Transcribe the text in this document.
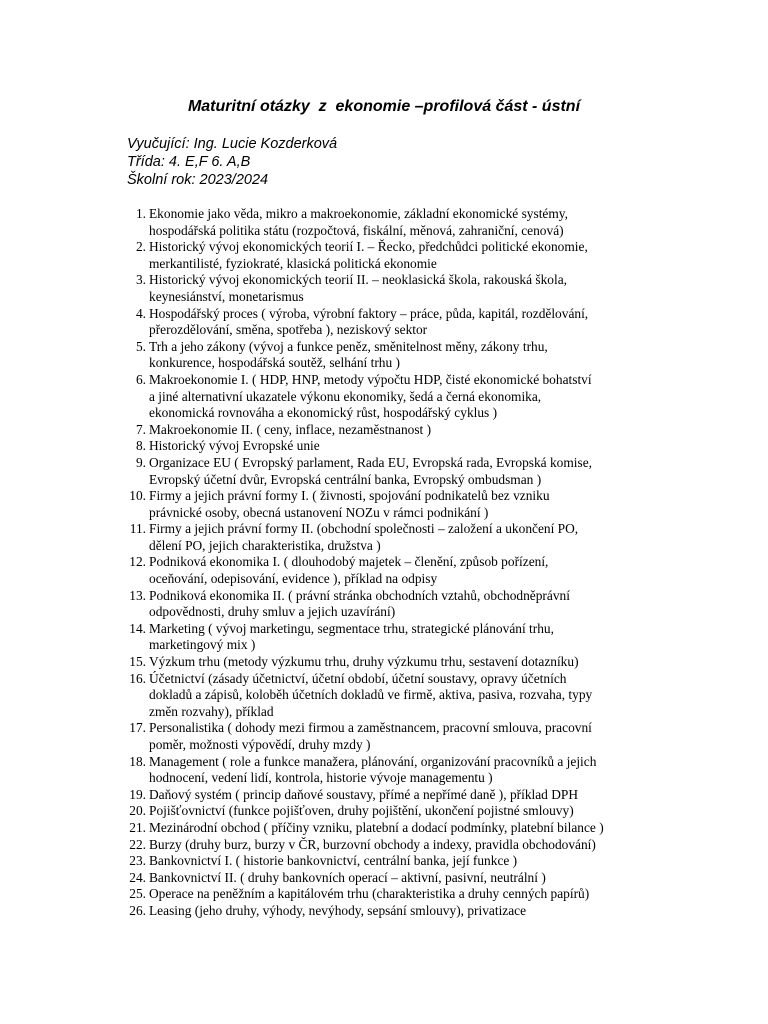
Maturitní otázky  z  ekonomie –profilová část - ústní
Vyučující: Ing. Lucie Kozderková
Třída: 4. E,F 6. A,B
Školní rok: 2023/2024
1. Ekonomie jako věda, mikro a makroekonomie, základní ekonomické systémy,
hospodářská politika státu (rozpočtová, fiskální, měnová, zahraniční, cenová)
2. Historický vývoj ekonomických teorií I. – Řecko, předchůdci politické ekonomie,
merkantilisté, fyziokraté, klasická politická ekonomie
3. Historický vývoj ekonomických teorií II. – neoklasická škola, rakouská škola,
keynesiánství, monetarismus
4. Hospodářský proces ( výroba, výrobní faktory – práce, půda, kapitál, rozdělování,
přerozdělování, směna, spotřeba ), neziskový sektor
5. Trh a jeho zákony (vývoj a funkce peněz, směnitelnost měny, zákony trhu,
konkurence, hospodářská soutěž, selhání trhu )
6. Makroekonomie I. ( HDP, HNP, metody výpočtu HDP, čisté ekonomické bohatství
a jiné alternativní ukazatele výkonu ekonomiky, šedá a černá ekonomika,
ekonomická rovnováha a ekonomický růst, hospodářský cyklus )
7. Makroekonomie II. ( ceny, inflace, nezaměstnanost )
8. Historický vývoj Evropské unie
9. Organizace EU ( Evropský parlament, Rada EU, Evropská rada, Evropská komise,
Evropský účetní dvůr, Evropská centrální banka, Evropský ombudsman )
10. Firmy a jejich právní formy I. ( živnosti, spojování podnikatelů bez vzniku
právnické osoby, obecná ustanovení NOZu v rámci podnikání )
11. Firmy a jejich právní formy II. (obchodní společnosti – založení a ukončení PO,
dělení PO, jejich charakteristika, družstva )
12. Podniková ekonomika I. ( dlouhodobý majetek – členění, způsob pořízení,
oceňování, odepisování, evidence ), příklad na odpisy
13. Podniková ekonomika II. ( právní stránka obchodních vztahů, obchodněprávní
odpovědnosti, druhy smluv a jejich uzavírání)
14. Marketing ( vývoj marketingu, segmentace trhu, strategické plánování trhu,
marketingový mix )
15. Výzkum trhu (metody výzkumu trhu, druhy výzkumu trhu, sestavení dotazníku)
16. Účetnictví (zásady účetnictví, účetní období, účetní soustavy, opravy účetních
dokladů a zápisů, koloběh účetních dokladů ve firmě, aktiva, pasiva, rozvaha, typy
změn rozvahy), příklad
17. Personalistika ( dohody mezi firmou a zaměstnancem, pracovní smlouva, pracovní
poměr, možnosti výpovědí, druhy mzdy )
18. Management ( role a funkce manažera, plánování, organizování pracovníků a jejich
hodnocení, vedení lidí, kontrola, historie vývoje managementu )
19. Daňový systém ( princip daňové soustavy, přímé a nepřímé daně ), příklad DPH
20. Pojišťovnictví (funkce pojišťoven, druhy pojištění, ukončení pojistné smlouvy)
21. Mezinárodní obchod ( příčiny vzniku, platební a dodací podmínky, platební bilance )
22. Burzy (druhy burz, burzy v ČR, burzovní obchody a indexy, pravidla obchodování)
23. Bankovnictví I. ( historie bankovnictví, centrální banka, její funkce )
24. Bankovnictví II. ( druhy bankovních operací – aktivní, pasivní, neutrální )
25. Operace na peněžním a kapitálovém trhu (charakteristika a druhy cenných papírů)
26. Leasing (jeho druhy, výhody, nevýhody, sepsání smlouvy), privatizace
